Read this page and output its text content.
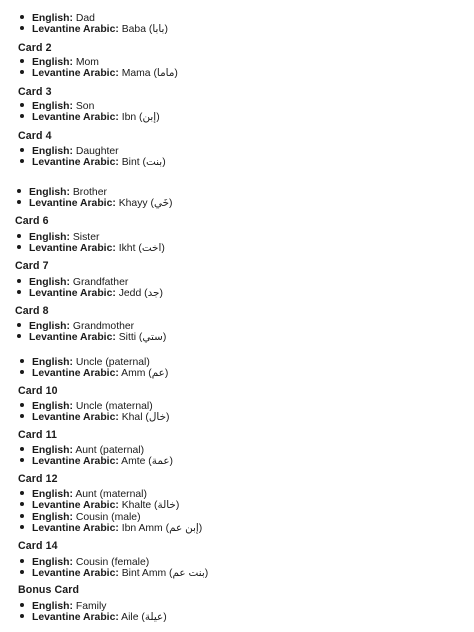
English: Dad
Levantine Arabic: Baba (بابا)
Card 2
English: Mom
Levantine Arabic: Mama (ماما)
Card 3
English: Son
Levantine Arabic: Ibn (إبن)
Card 4
English: Daughter
Levantine Arabic: Bint (بنت)
English: Brother
Levantine Arabic: Khayy (خَي)
Card 6
English: Sister
Levantine Arabic: Ikht (اخت)
Card 7
English: Grandfather
Levantine Arabic: Jedd (جد)
Card 8
English: Grandmother
Levantine Arabic: Sitti (ستي)
English: Uncle (paternal)
Levantine Arabic: Amm (عم)
Card 10
English: Uncle (maternal)
Levantine Arabic: Khal (خال)
Card 11
English: Aunt (paternal)
Levantine Arabic: Amte (عمة)
Card 12
English: Aunt (maternal)
Levantine Arabic: Khalte (خالة)
English: Cousin (male)
Levantine Arabic: Ibn Amm (إبن عم)
Card 14
English: Cousin (female)
Levantine Arabic: Bint Amm (بنت عم)
Bonus Card
English: Family
Levantine Arabic: Aile (عيلة)
